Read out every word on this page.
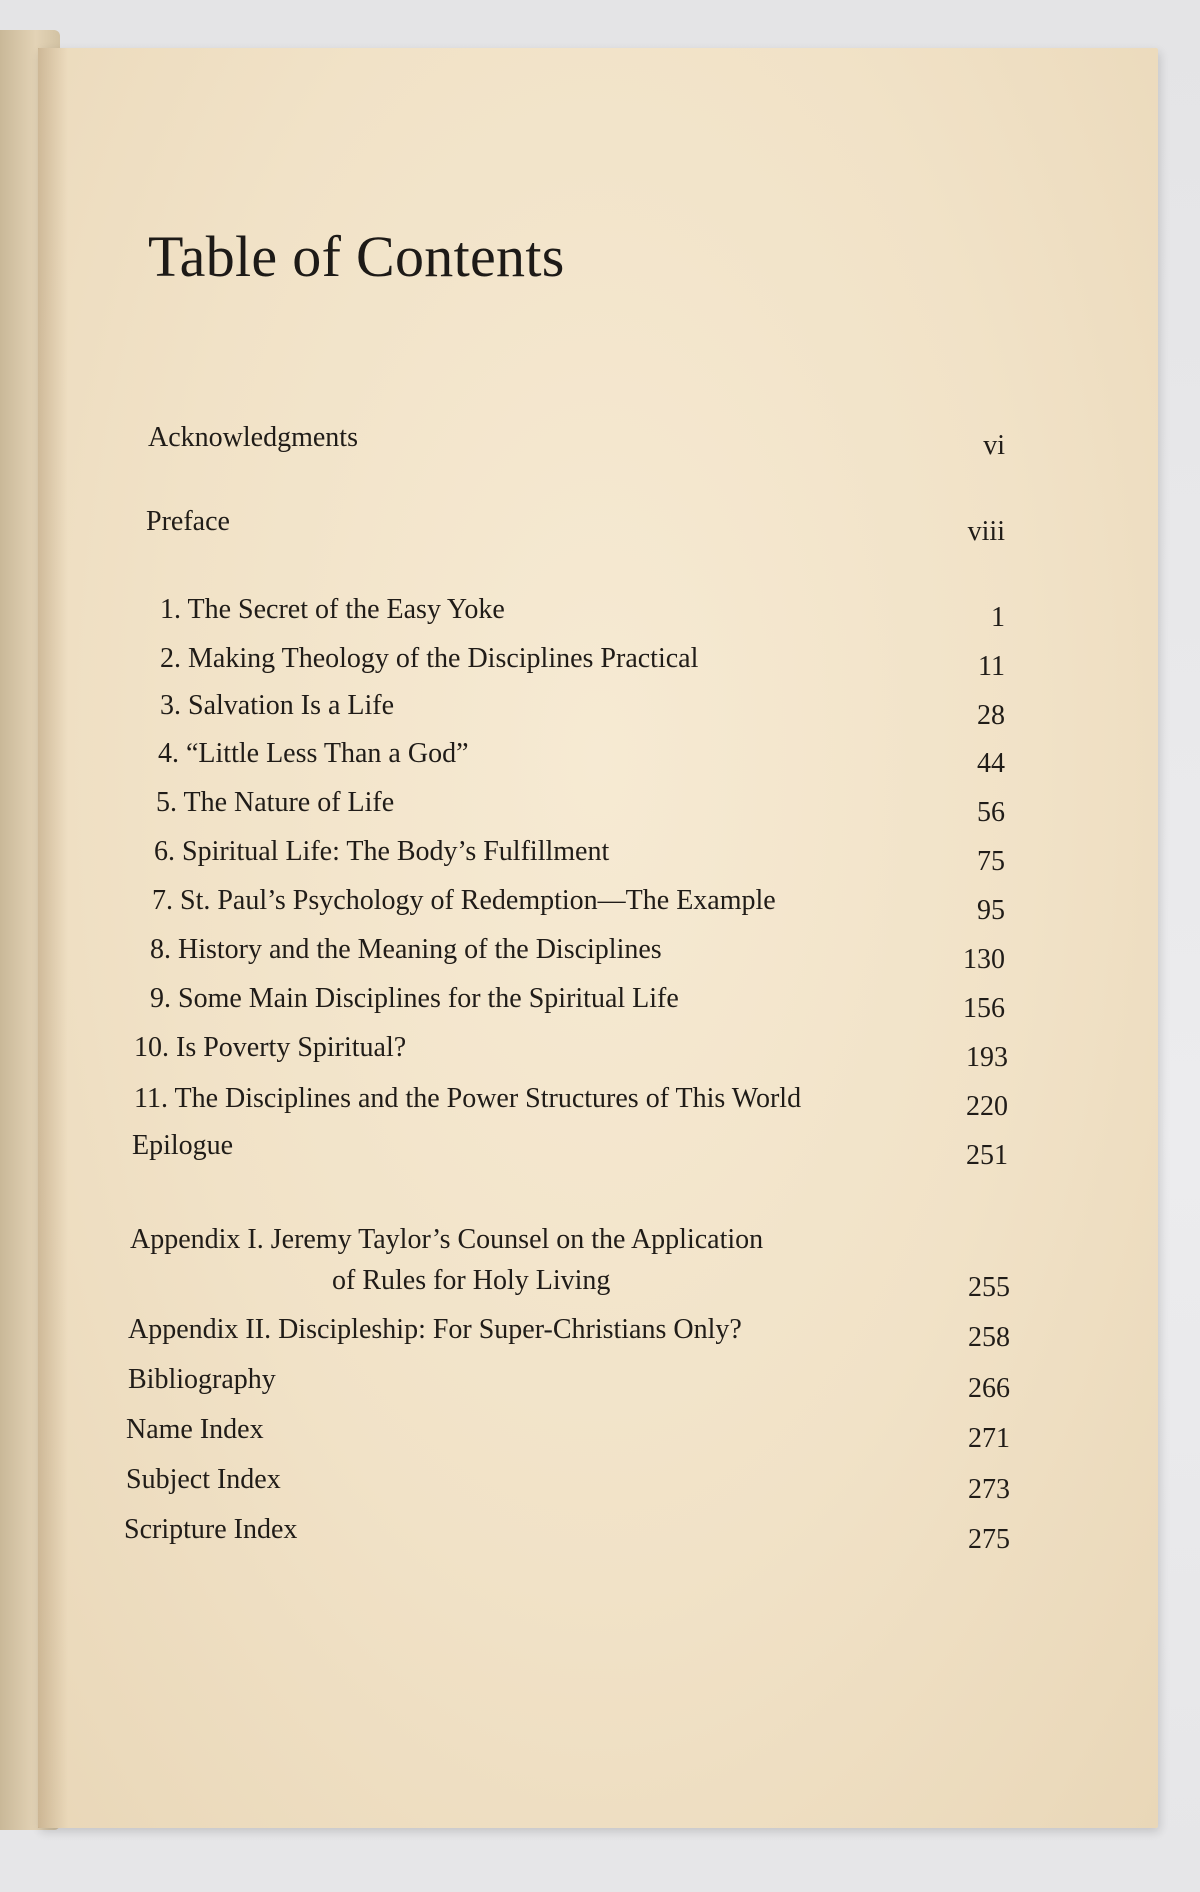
Table of Contents
Acknowledgments	vi
Preface	viii
1. The Secret of the Easy Yoke	1
2. Making Theology of the Disciplines Practical	11
3. Salvation Is a Life	28
4. “Little Less Than a God”	44
5. The Nature of Life	56
6. Spiritual Life: The Body’s Fulfillment	75
7. St. Paul’s Psychology of Redemption—The Example	95
8. History and the Meaning of the Disciplines	130
9. Some Main Disciplines for the Spiritual Life	156
10. Is Poverty Spiritual?	193
11. The Disciplines and the Power Structures of This World	220
Epilogue	251
Appendix I. Jeremy Taylor’s Counsel on the Application
of Rules for Holy Living	255
Appendix II. Discipleship: For Super-Christians Only?	258
Bibliography	266
Name Index	271
Subject Index	273
Scripture Index	275
